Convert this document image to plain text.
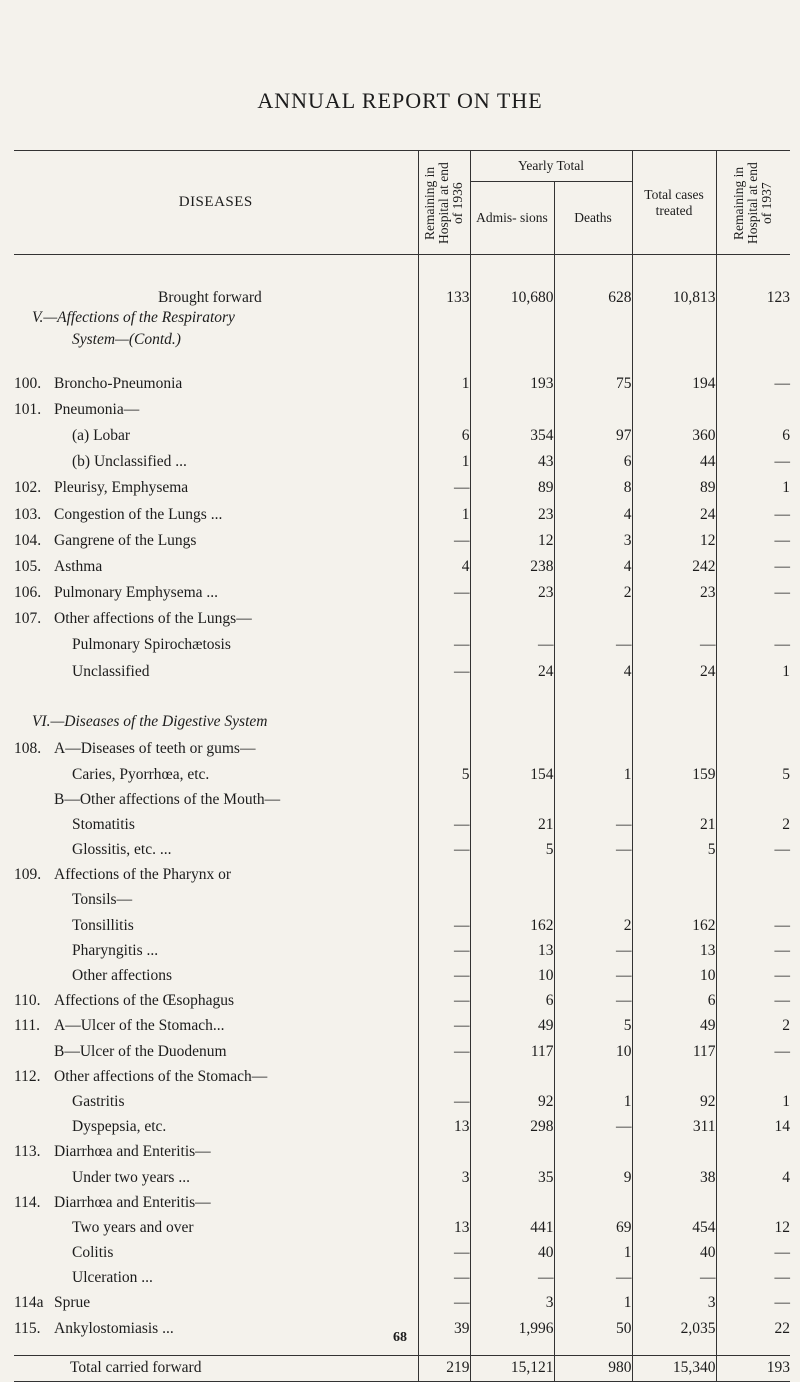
ANNUAL REPORT ON THE
DISEASES	Remaining in Hospital at end of 1936	Yearly Total		Total cases treated	Remaining in Hospital at end of 1937

		Admis- sions	Deaths		
Brought forward	133	10,680	628	10,813	123
V.—Affections of the Respiratory					
System—(Contd.)					

100. Broncho-Pneumonia	1	193	75	194	—
101. Pneumonia—					
(a) Lobar	6	354	97	360	6
(b) Unclassified ...	1	43	6	44	—
102. Pleurisy, Emphysema	—	89	8	89	1
103. Congestion of the Lungs ...	1	23	4	24	—
104. Gangrene of the Lungs	—	12	3	12	—
105. Asthma	4	238	4	242	—
106. Pulmonary Emphysema ...	—	23	2	23	—
107. Other affections of the Lungs—					
Pulmonary Spirochætosis	—	—	—	—	—
Unclassified	—	24	4	24	1

VI.—Diseases of the Digestive System					
108. A—Diseases of teeth or gums—					
Caries, Pyorrhœa, etc.	5	154	1	159	5
B—Other affections of the Mouth—					
Stomatitis	—	21	—	21	2
Glossitis, etc. ...	—	5	—	5	—
109. Affections of the Pharynx or					
Tonsils—					
Tonsillitis	—	162	2	162	—
Pharyngitis ...	—	13	—	13	—
Other affections	—	10	—	10	—
110. Affections of the Œsophagus	—	6	—	6	—
111. A—Ulcer of the Stomach...	—	49	5	49	2
B—Ulcer of the Duodenum	—	117	10	117	—
112. Other affections of the Stomach—					
Gastritis	—	92	1	92	1
Dyspepsia, etc.	13	298	—	311	14
113. Diarrhœa and Enteritis—					
Under two years ...	3	35	9	38	4
114. Diarrhœa and Enteritis—					
Two years and over	13	441	69	454	12
Colitis	—	40	1	40	—
Ulceration ...	—	—	—	—	—
114a Sprue	—	3	1	3	—
115. Ankylostomiasis ...	39	1,996	50	2,035	22

Total carried forward	219	15,121	980	15,340	193
68
